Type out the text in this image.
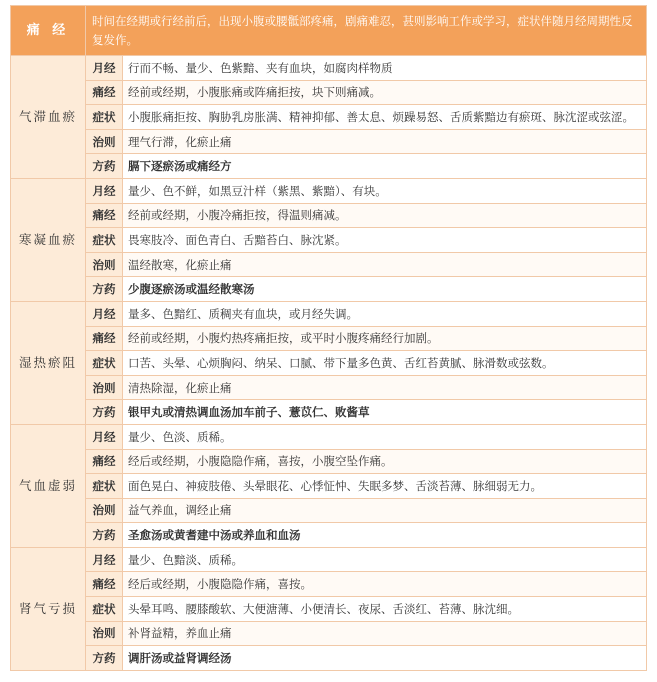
痛 经	时间在经期或行经前后，出现小腹或腰骶部疼痛，剧痛难忍，甚则影响工作或学习，症状伴随月经周期性反复发作。	
气滞血瘀	月经	行而不畅、量少、色紫黯、夹有血块，如腐肉样物质
	痛经	经前或经期，小腹胀痛或阵痛拒按，块下则痛减。
	症状	小腹胀痛拒按、胸胁乳房胀满、精神抑郁、善太息、烦躁易怒、舌质紫黯边有瘀斑、脉沈涩或弦涩。
	治则	理气行滞，化瘀止痛
	方药	膈下逐瘀汤或痛经方
寒凝血瘀	月经	量少、色不鲜，如黑豆汁样（紫黑、紫黯）、有块。
	痛经	经前或经期，小腹冷痛拒按，得温则痛减。
	症状	畏寒肢冷、面色青白、舌黯苔白、脉沈紧。
	治则	温经散寒，化瘀止痛
	方药	少腹逐瘀汤或温经散寒汤
湿热瘀阻	月经	量多、色黯红、质稠夹有血块，或月经失调。
	痛经	经前或经期，小腹灼热疼痛拒按，或平时小腹疼痛经行加剧。
	症状	口苦、头晕、心烦胸闷、纳呆、口腻、带下量多色黄、舌红苔黄腻、脉滑数或弦数。
	治则	清热除湿，化瘀止痛
	方药	银甲丸或清热调血汤加车前子、薏苡仁、败酱草
气血虚弱	月经	量少、色淡、质稀。
	痛经	经后或经期，小腹隐隐作痛，喜按，小腹空坠作痛。
	症状	面色晃白、神疲肢倦、头晕眼花、心悸怔忡、失眠多梦、舌淡苔薄、脉细弱无力。
	治则	益气养血，调经止痛
	方药	圣愈汤或黄耆建中汤或养血和血汤
肾气亏损	月经	量少、色黯淡、质稀。
	痛经	经后或经期，小腹隐隐作痛，喜按。
	症状	头晕耳鸣、腰膝酸软、大便溏薄、小便清长、夜尿、舌淡红、苔薄、脉沈细。
	治则	补肾益精，养血止痛
	方药	调肝汤或益肾调经汤
